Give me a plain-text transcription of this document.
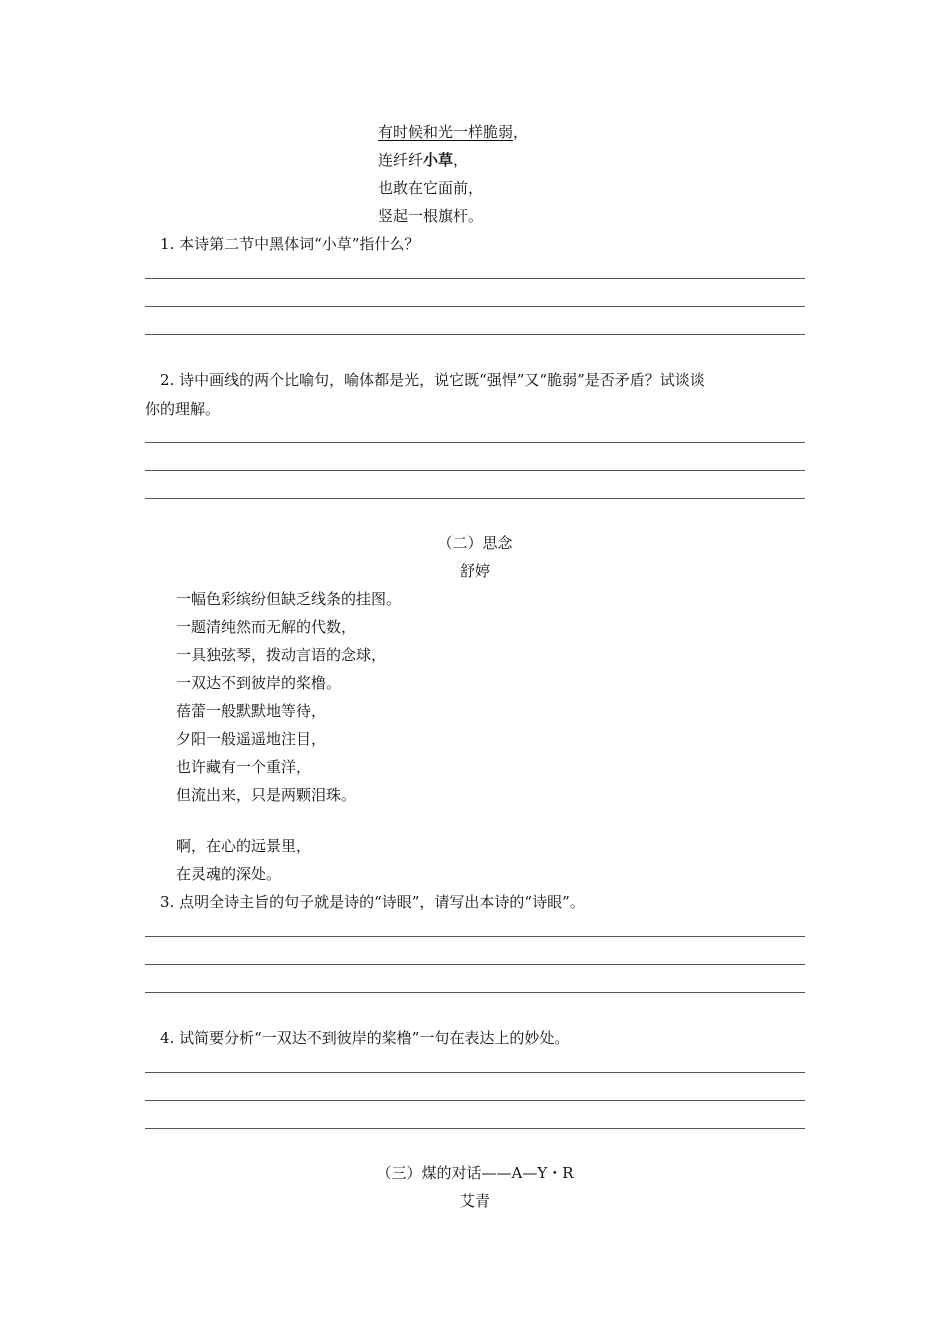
有时候和光一样脆弱，
连纤纤小草，
也敢在它面前，
竖起一根旗杆。
1. 本诗第二节中黑体词“小草”指什么？
2. 诗中画线的两个比喻句，喻体都是光，说它既“强悍”又“脆弱”是否矛盾？试谈谈
你的理解。
（二）思念
舒婷
一幅色彩缤纷但缺乏线条的挂图。
一题清纯然而无解的代数，
一具独弦琴，拨动言语的念球，
一双达不到彼岸的桨橹。
蓓蕾一般默默地等待，
夕阳一般遥遥地注目，
也许藏有一个重洋，
但流出来，只是两颗泪珠。
啊，在心的远景里，
在灵魂的深处。
3. 点明全诗主旨的句子就是诗的“诗眼”，请写出本诗的“诗眼”。
4. 试简要分析“一双达不到彼岸的桨橹”一句在表达上的妙处。
（三）煤的对话——A—Y・R
艾青
